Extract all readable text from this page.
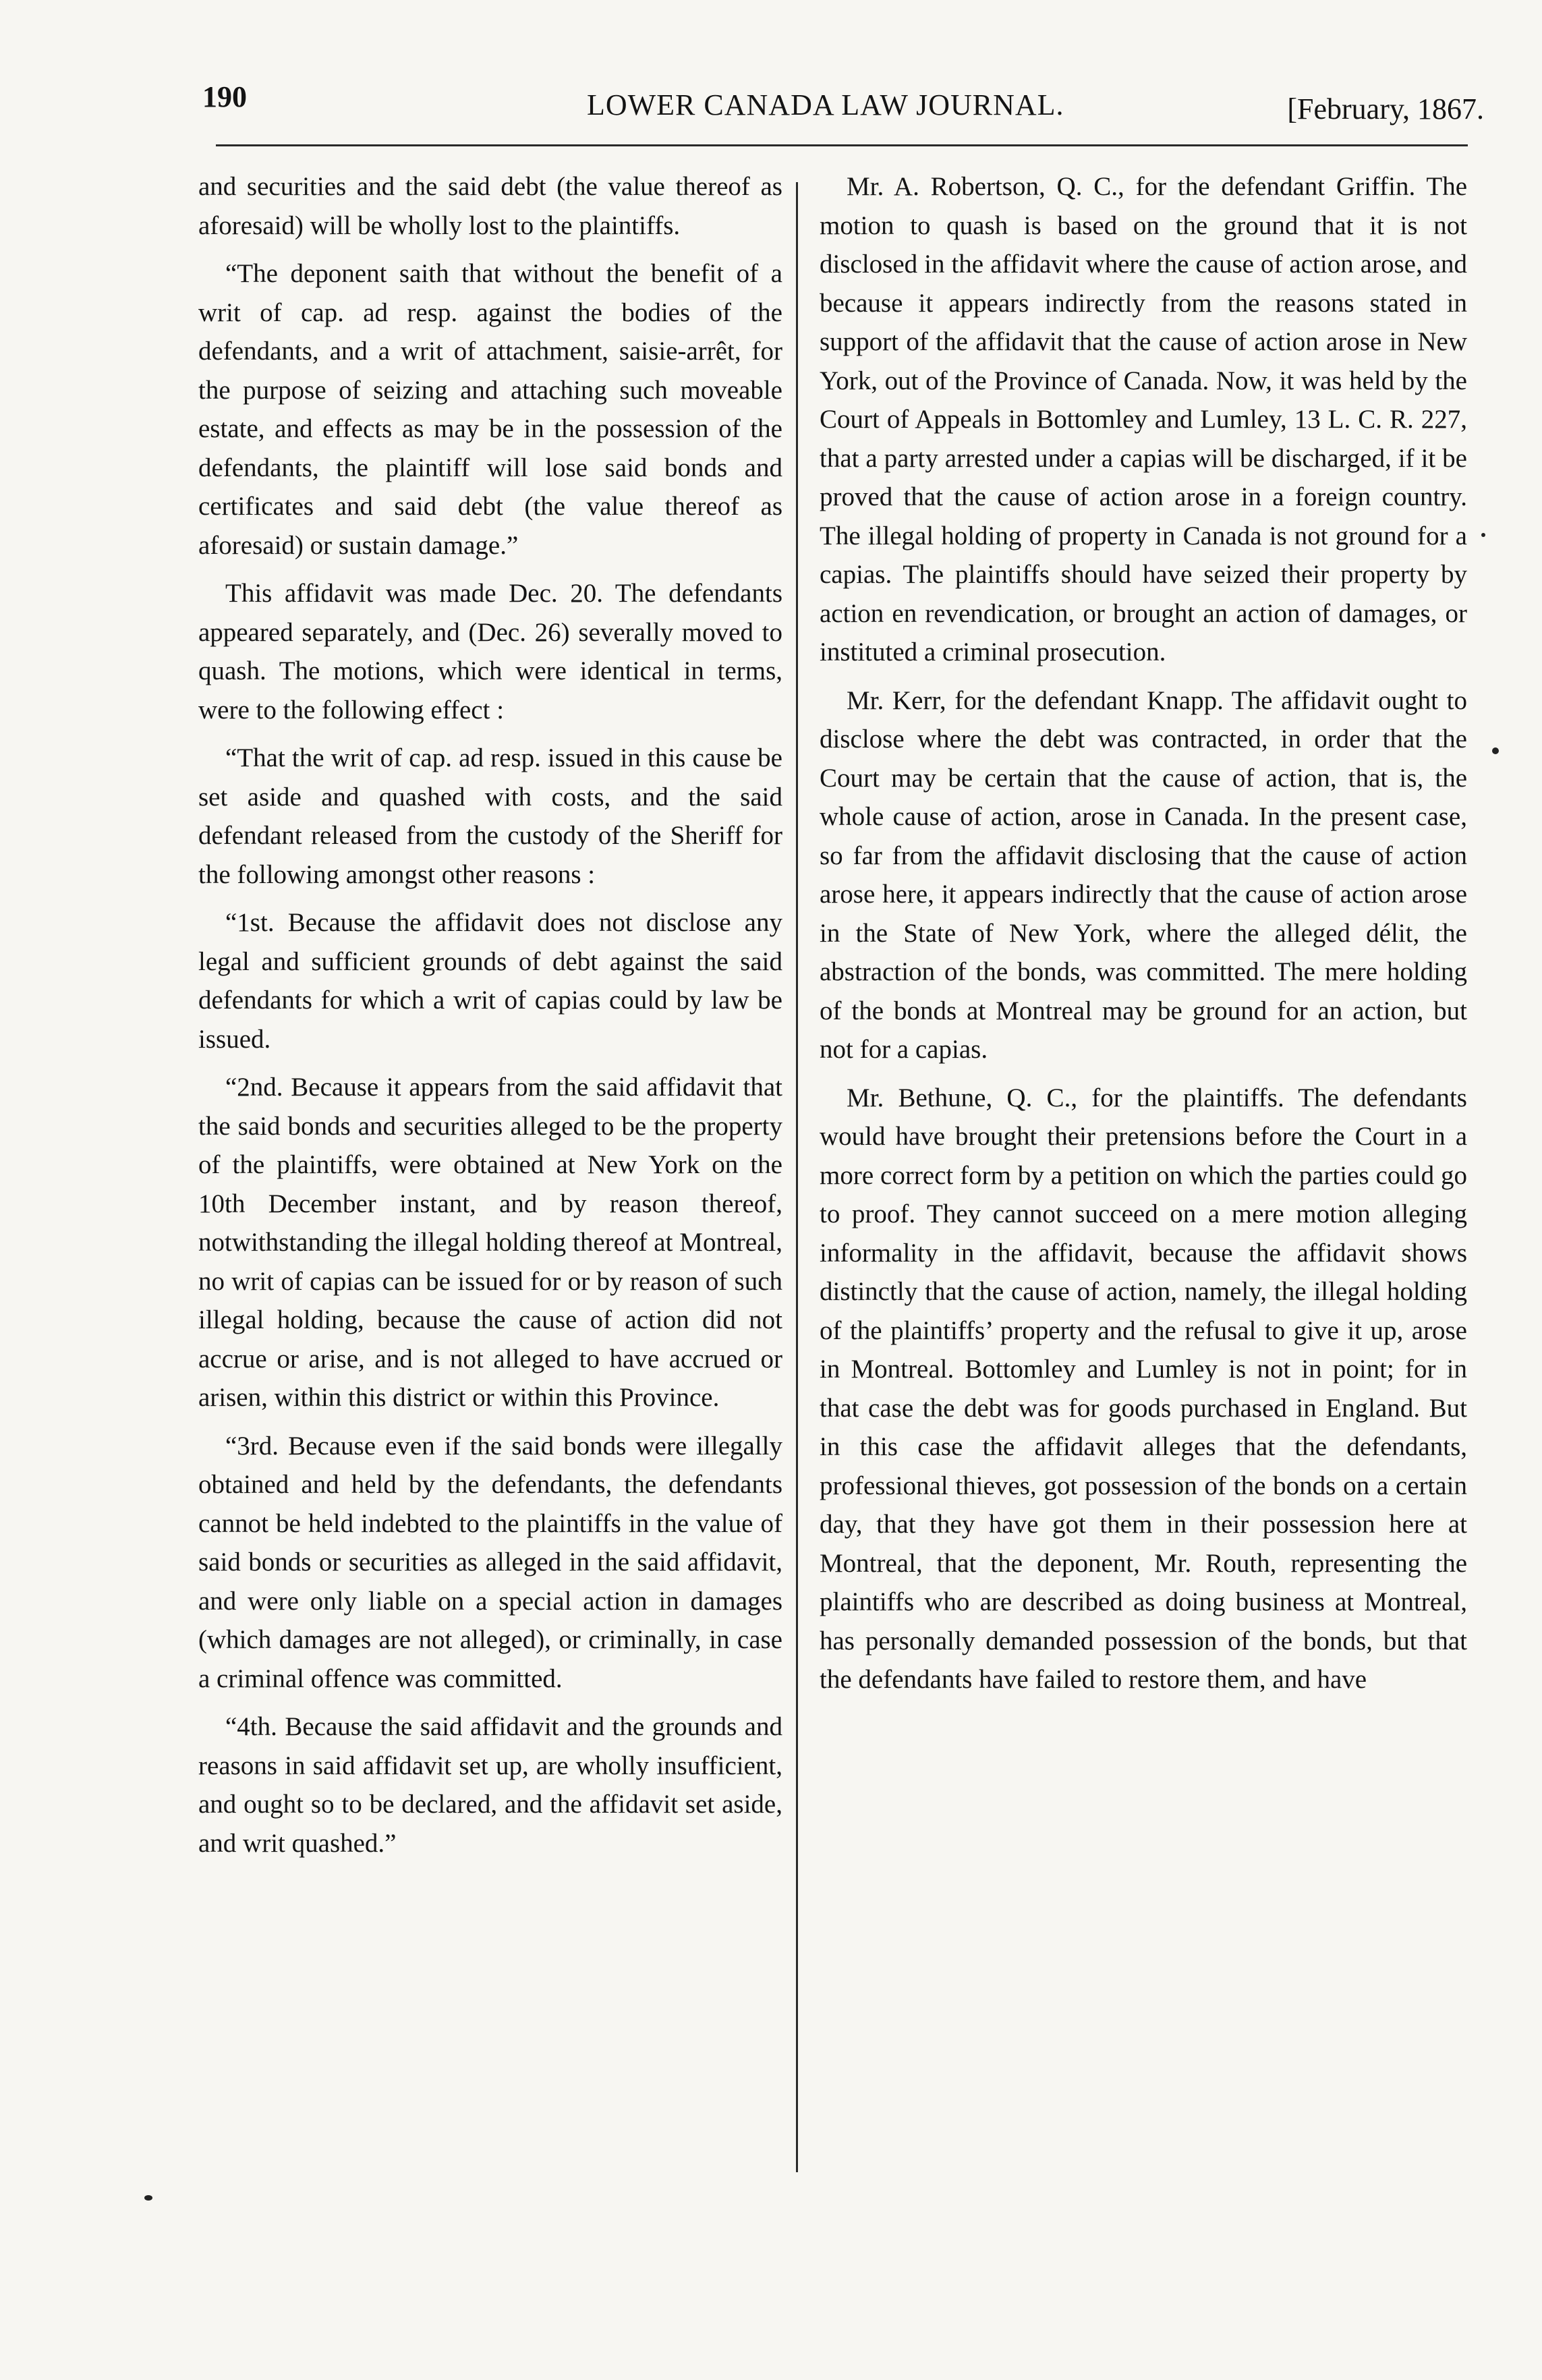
190	LOWER CANADA LAW JOURNAL.	[February, 1867.

and securities and the said debt (the value thereof as aforesaid) will be wholly lost to the plaintiffs.

“The deponent saith that without the benefit of a writ of cap. ad resp. against the bodies of the defendants, and a writ of attachment, saisie-arrêt, for the purpose of seizing and attaching such moveable estate, and effects as may be in the possession of the defendants, the plaintiff will lose said bonds and certificates and said debt (the value thereof as aforesaid) or sustain damage.”

This affidavit was made Dec. 20. The defendants appeared separately, and (Dec. 26) severally moved to quash. The motions, which were identical in terms, were to the following effect :

“That the writ of cap. ad resp. issued in this cause be set aside and quashed with costs, and the said defendant released from the custody of the Sheriff for the following amongst other reasons :

“1st. Because the affidavit does not disclose any legal and sufficient grounds of debt against the said defendants for which a writ of capias could by law be issued.

“2nd. Because it appears from the said affidavit that the said bonds and securities alleged to be the property of the plaintiffs, were obtained at New York on the 10th December instant, and by reason thereof, notwithstanding the illegal holding thereof at Montreal, no writ of capias can be issued for or by reason of such illegal holding, because the cause of action did not accrue or arise, and is not alleged to have accrued or arisen, within this district or within this Province.

“3rd. Because even if the said bonds were illegally obtained and held by the defendants, the defendants cannot be held indebted to the plaintiffs in the value of said bonds or securities as alleged in the said affidavit, and were only liable on a special action in damages (which damages are not alleged), or criminally, in case a criminal offence was committed.

“4th. Because the said affidavit and the grounds and reasons in said affidavit set up, are wholly insufficient, and ought so to be declared, and the affidavit set aside, and writ quashed.”

Mr. A. Robertson, Q. C., for the defendant Griffin. The motion to quash is based on the ground that it is not disclosed in the affidavit where the cause of action arose, and because it appears indirectly from the reasons stated in support of the affidavit that the cause of action arose in New York, out of the Province of Canada. Now, it was held by the Court of Appeals in Bottomley and Lumley, 13 L. C. R. 227, that a party arrested under a capias will be discharged, if it be proved that the cause of action arose in a foreign country. The illegal holding of property in Canada is not ground for a capias. The plaintiffs should have seized their property by action en revendication, or brought an action of damages, or instituted a criminal prosecution.

Mr. Kerr, for the defendant Knapp. The affidavit ought to disclose where the debt was contracted, in order that the Court may be certain that the cause of action, that is, the whole cause of action, arose in Canada. In the present case, so far from the affidavit disclosing that the cause of action arose here, it appears indirectly that the cause of action arose in the State of New York, where the alleged délit, the abstraction of the bonds, was committed. The mere holding of the bonds at Montreal may be ground for an action, but not for a capias.

Mr. Bethune, Q. C., for the plaintiffs. The defendants would have brought their pretensions before the Court in a more correct form by a petition on which the parties could go to proof. They cannot succeed on a mere motion alleging informality in the affidavit, because the affidavit shows distinctly that the cause of action, namely, the illegal holding of the plaintiffs’ property and the refusal to give it up, arose in Montreal. Bottomley and Lumley is not in point; for in that case the debt was for goods purchased in England. But in this case the affidavit alleges that the defendants, professional thieves, got possession of the bonds on a certain day, that they have got them in their possession here at Montreal, that the deponent, Mr. Routh, representing the plaintiffs who are described as doing business at Montreal, has personally demanded possession of the bonds, but that the defendants have failed to restore them, and have
